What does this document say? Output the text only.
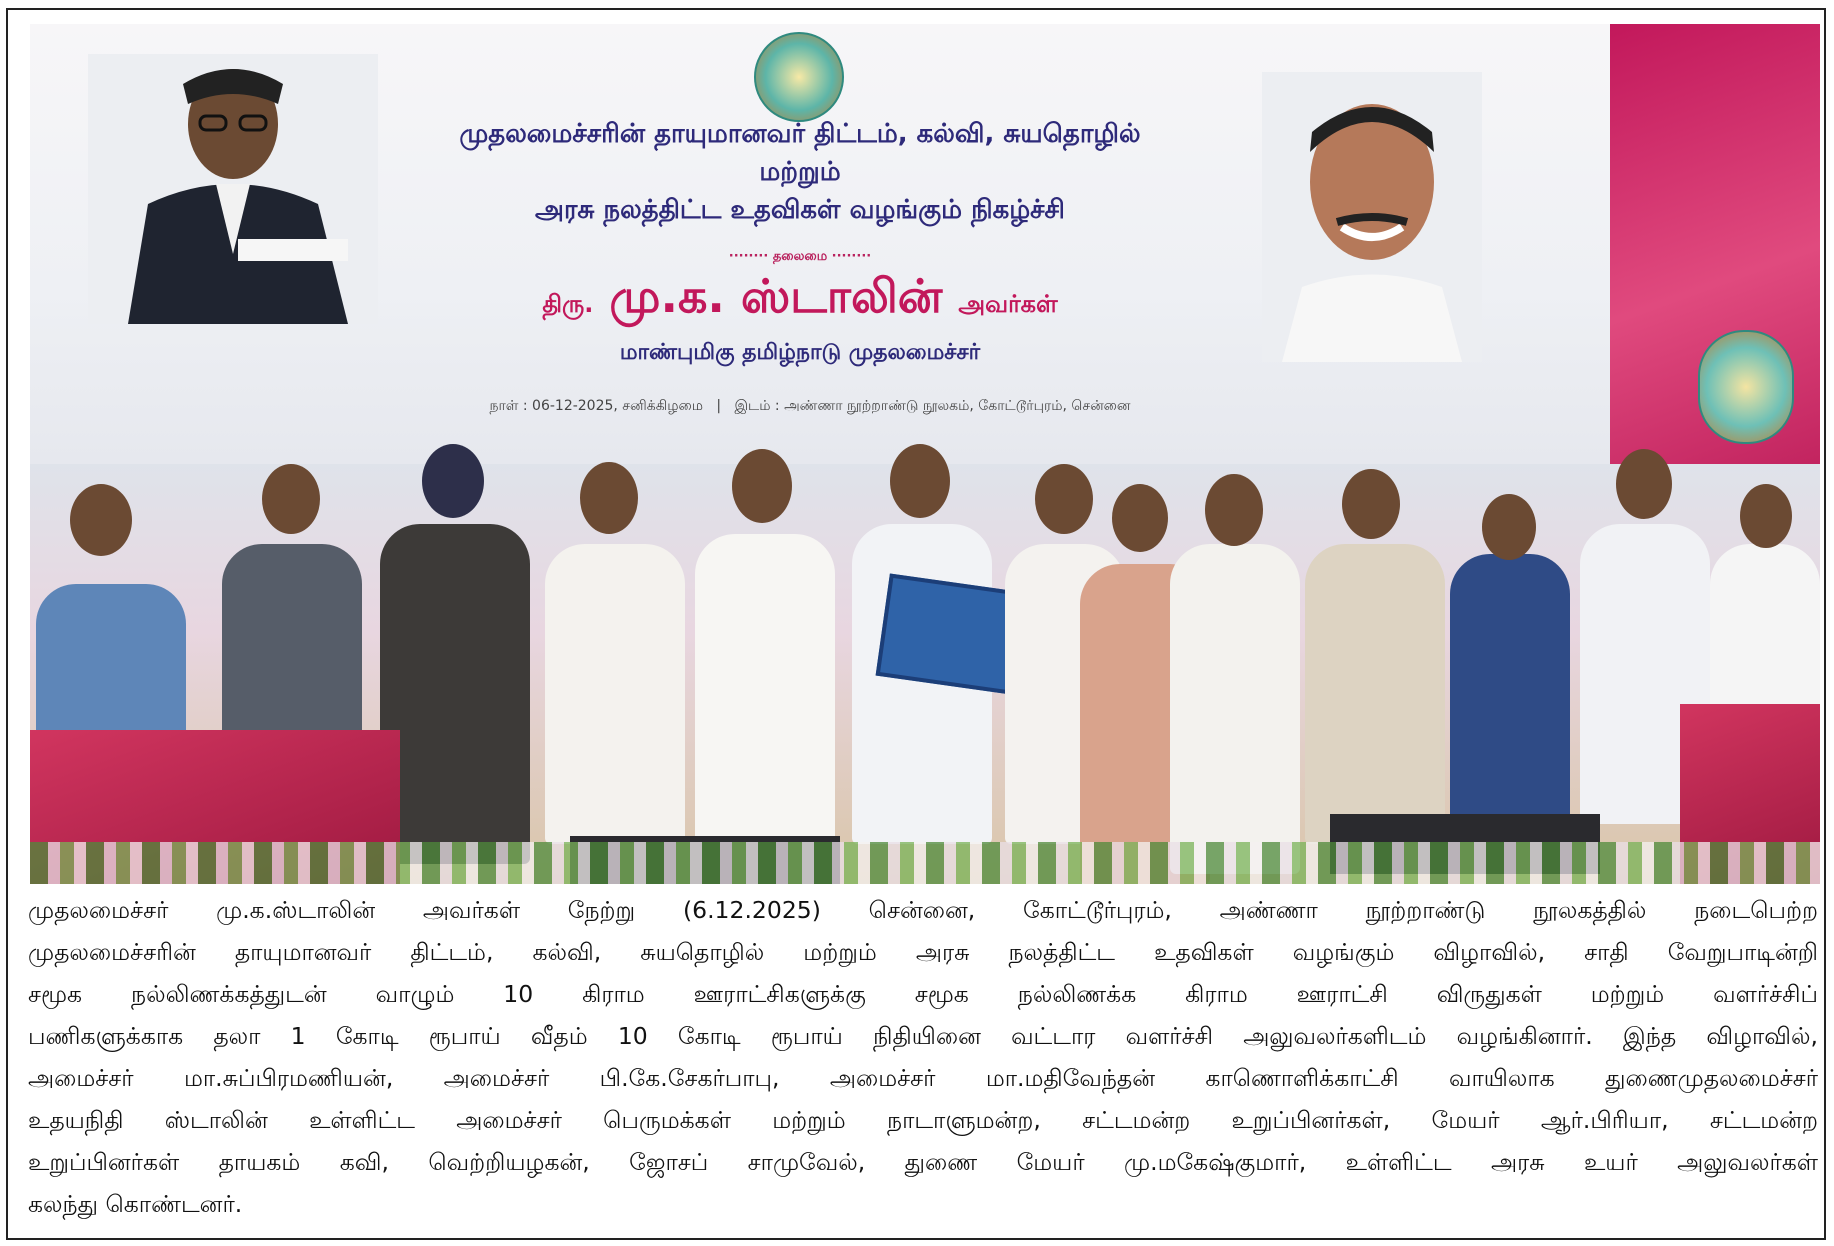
முதலமைச்சரின் தாயுமானவர் திட்டம், கல்வி, சுயதொழில்
மற்றும்
அரசு நலத்திட்ட உதவிகள் வழங்கும் நிகழ்ச்சி
········ தலைமை ········
திரு. மு.க. ஸ்டாலின் அவர்கள்
மாண்புமிகு தமிழ்நாடு முதலமைச்சர்
நாள் : 06-12-2025, சனிக்கிழமை   |   இடம் : அண்ணா நூற்றாண்டு நூலகம், கோட்டூர்புரம், சென்னை
முதலமைச்சர் மு.க.ஸ்டாலின் அவர்கள் நேற்று (6.12.2025) சென்னை, கோட்டூர்புரம், அண்ணா நூற்றாண்டு நூலகத்தில் நடைபெற்ற
முதலமைச்சரின் தாயுமானவர் திட்டம், கல்வி, சுயதொழில் மற்றும் அரசு நலத்திட்ட உதவிகள் வழங்கும் விழாவில், சாதி வேறுபாடின்றி
சமூக நல்லிணக்கத்துடன் வாழும் 10 கிராம ஊராட்சிகளுக்கு சமூக நல்லிணக்க கிராம ஊராட்சி விருதுகள் மற்றும் வளர்ச்சிப்
பணிகளுக்காக தலா 1 கோடி ரூபாய் வீதம் 10 கோடி ரூபாய் நிதியினை வட்டார வளர்ச்சி அலுவலர்களிடம் வழங்கினார். இந்த விழாவில்,
அமைச்சர் மா.சுப்பிரமணியன், அமைச்சர் பி.கே.சேகர்பாபு, அமைச்சர் மா.மதிவேந்தன் காணொளிக்காட்சி வாயிலாக துணைமுதலமைச்சர்
உதயநிதி ஸ்டாலின் உள்ளிட்ட அமைச்சர் பெருமக்கள் மற்றும் நாடாளுமன்ற, சட்டமன்ற உறுப்பினர்கள், மேயர் ஆர்.பிரியா, சட்டமன்ற
உறுப்பினர்கள் தாயகம் கவி, வெற்றியழகன், ஜோசப் சாமுவேல், துணை மேயர் மு.மகேஷ்குமார், உள்ளிட்ட அரசு உயர் அலுவலர்கள்
கலந்து கொண்டனர்.
